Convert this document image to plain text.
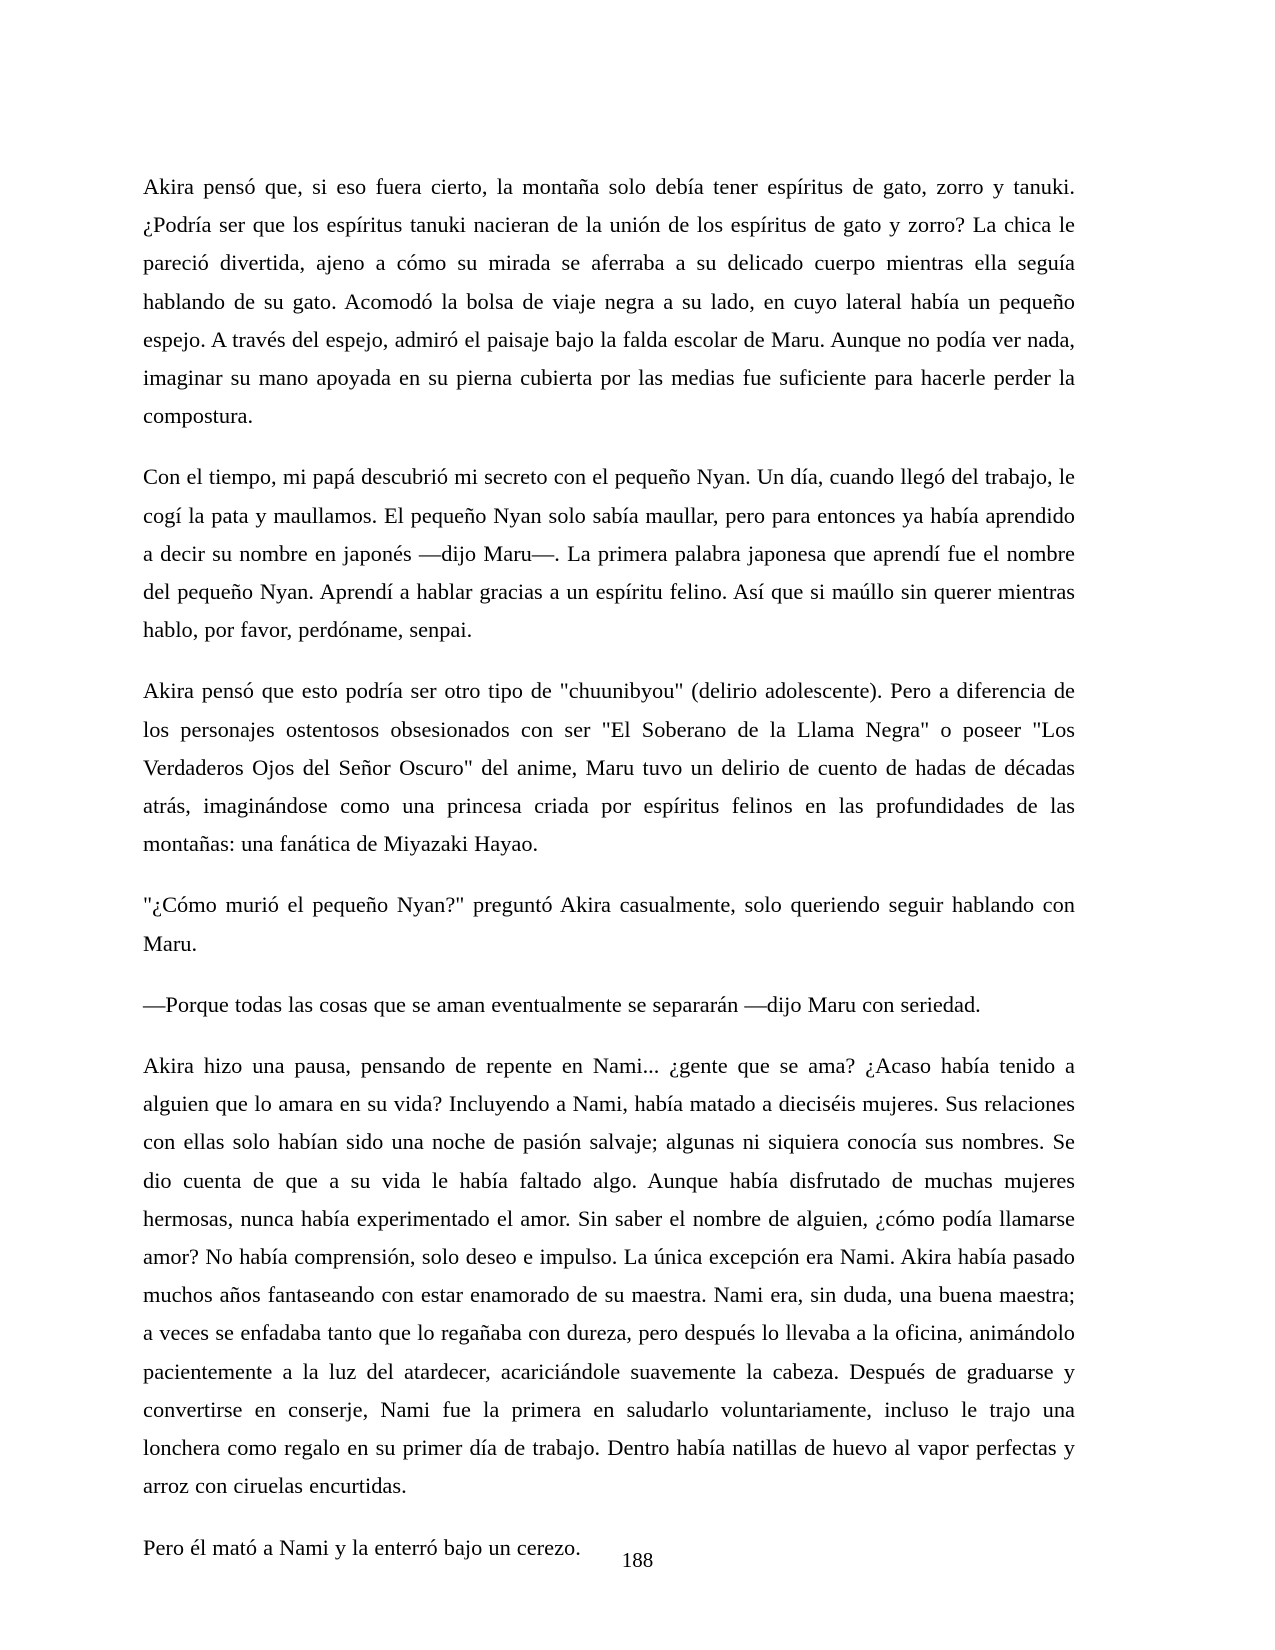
Akira pensó que, si eso fuera cierto, la montaña solo debía tener espíritus de gato, zorro y tanuki. ¿Podría ser que los espíritus tanuki nacieran de la unión de los espíritus de gato y zorro? La chica le pareció divertida, ajeno a cómo su mirada se aferraba a su delicado cuerpo mientras ella seguía hablando de su gato. Acomodó la bolsa de viaje negra a su lado, en cuyo lateral había un pequeño espejo. A través del espejo, admiró el paisaje bajo la falda escolar de Maru. Aunque no podía ver nada, imaginar su mano apoyada en su pierna cubierta por las medias fue suficiente para hacerle perder la compostura.

Con el tiempo, mi papá descubrió mi secreto con el pequeño Nyan. Un día, cuando llegó del trabajo, le cogí la pata y maullamos. El pequeño Nyan solo sabía maullar, pero para entonces ya había aprendido a decir su nombre en japonés —dijo Maru—. La primera palabra japonesa que aprendí fue el nombre del pequeño Nyan. Aprendí a hablar gracias a un espíritu felino. Así que si maúllo sin querer mientras hablo, por favor, perdóname, senpai.

Akira pensó que esto podría ser otro tipo de "chuunibyou" (delirio adolescente). Pero a diferencia de los personajes ostentosos obsesionados con ser "El Soberano de la Llama Negra" o poseer "Los Verdaderos Ojos del Señor Oscuro" del anime, Maru tuvo un delirio de cuento de hadas de décadas atrás, imaginándose como una princesa criada por espíritus felinos en las profundidades de las montañas: una fanática de Miyazaki Hayao.

"¿Cómo murió el pequeño Nyan?" preguntó Akira casualmente, solo queriendo seguir hablando con Maru.

—Porque todas las cosas que se aman eventualmente se separarán —dijo Maru con seriedad.

Akira hizo una pausa, pensando de repente en Nami... ¿gente que se ama? ¿Acaso había tenido a alguien que lo amara en su vida? Incluyendo a Nami, había matado a dieciséis mujeres. Sus relaciones con ellas solo habían sido una noche de pasión salvaje; algunas ni siquiera conocía sus nombres. Se dio cuenta de que a su vida le había faltado algo. Aunque había disfrutado de muchas mujeres hermosas, nunca había experimentado el amor. Sin saber el nombre de alguien, ¿cómo podía llamarse amor? No había comprensión, solo deseo e impulso. La única excepción era Nami. Akira había pasado muchos años fantaseando con estar enamorado de su maestra. Nami era, sin duda, una buena maestra; a veces se enfadaba tanto que lo regañaba con dureza, pero después lo llevaba a la oficina, animándolo pacientemente a la luz del atardecer, acariciándole suavemente la cabeza. Después de graduarse y convertirse en conserje, Nami fue la primera en saludarlo voluntariamente, incluso le trajo una lonchera como regalo en su primer día de trabajo. Dentro había natillas de huevo al vapor perfectas y arroz con ciruelas encurtidas.

Pero él mató a Nami y la enterró bajo un cerezo.

188
